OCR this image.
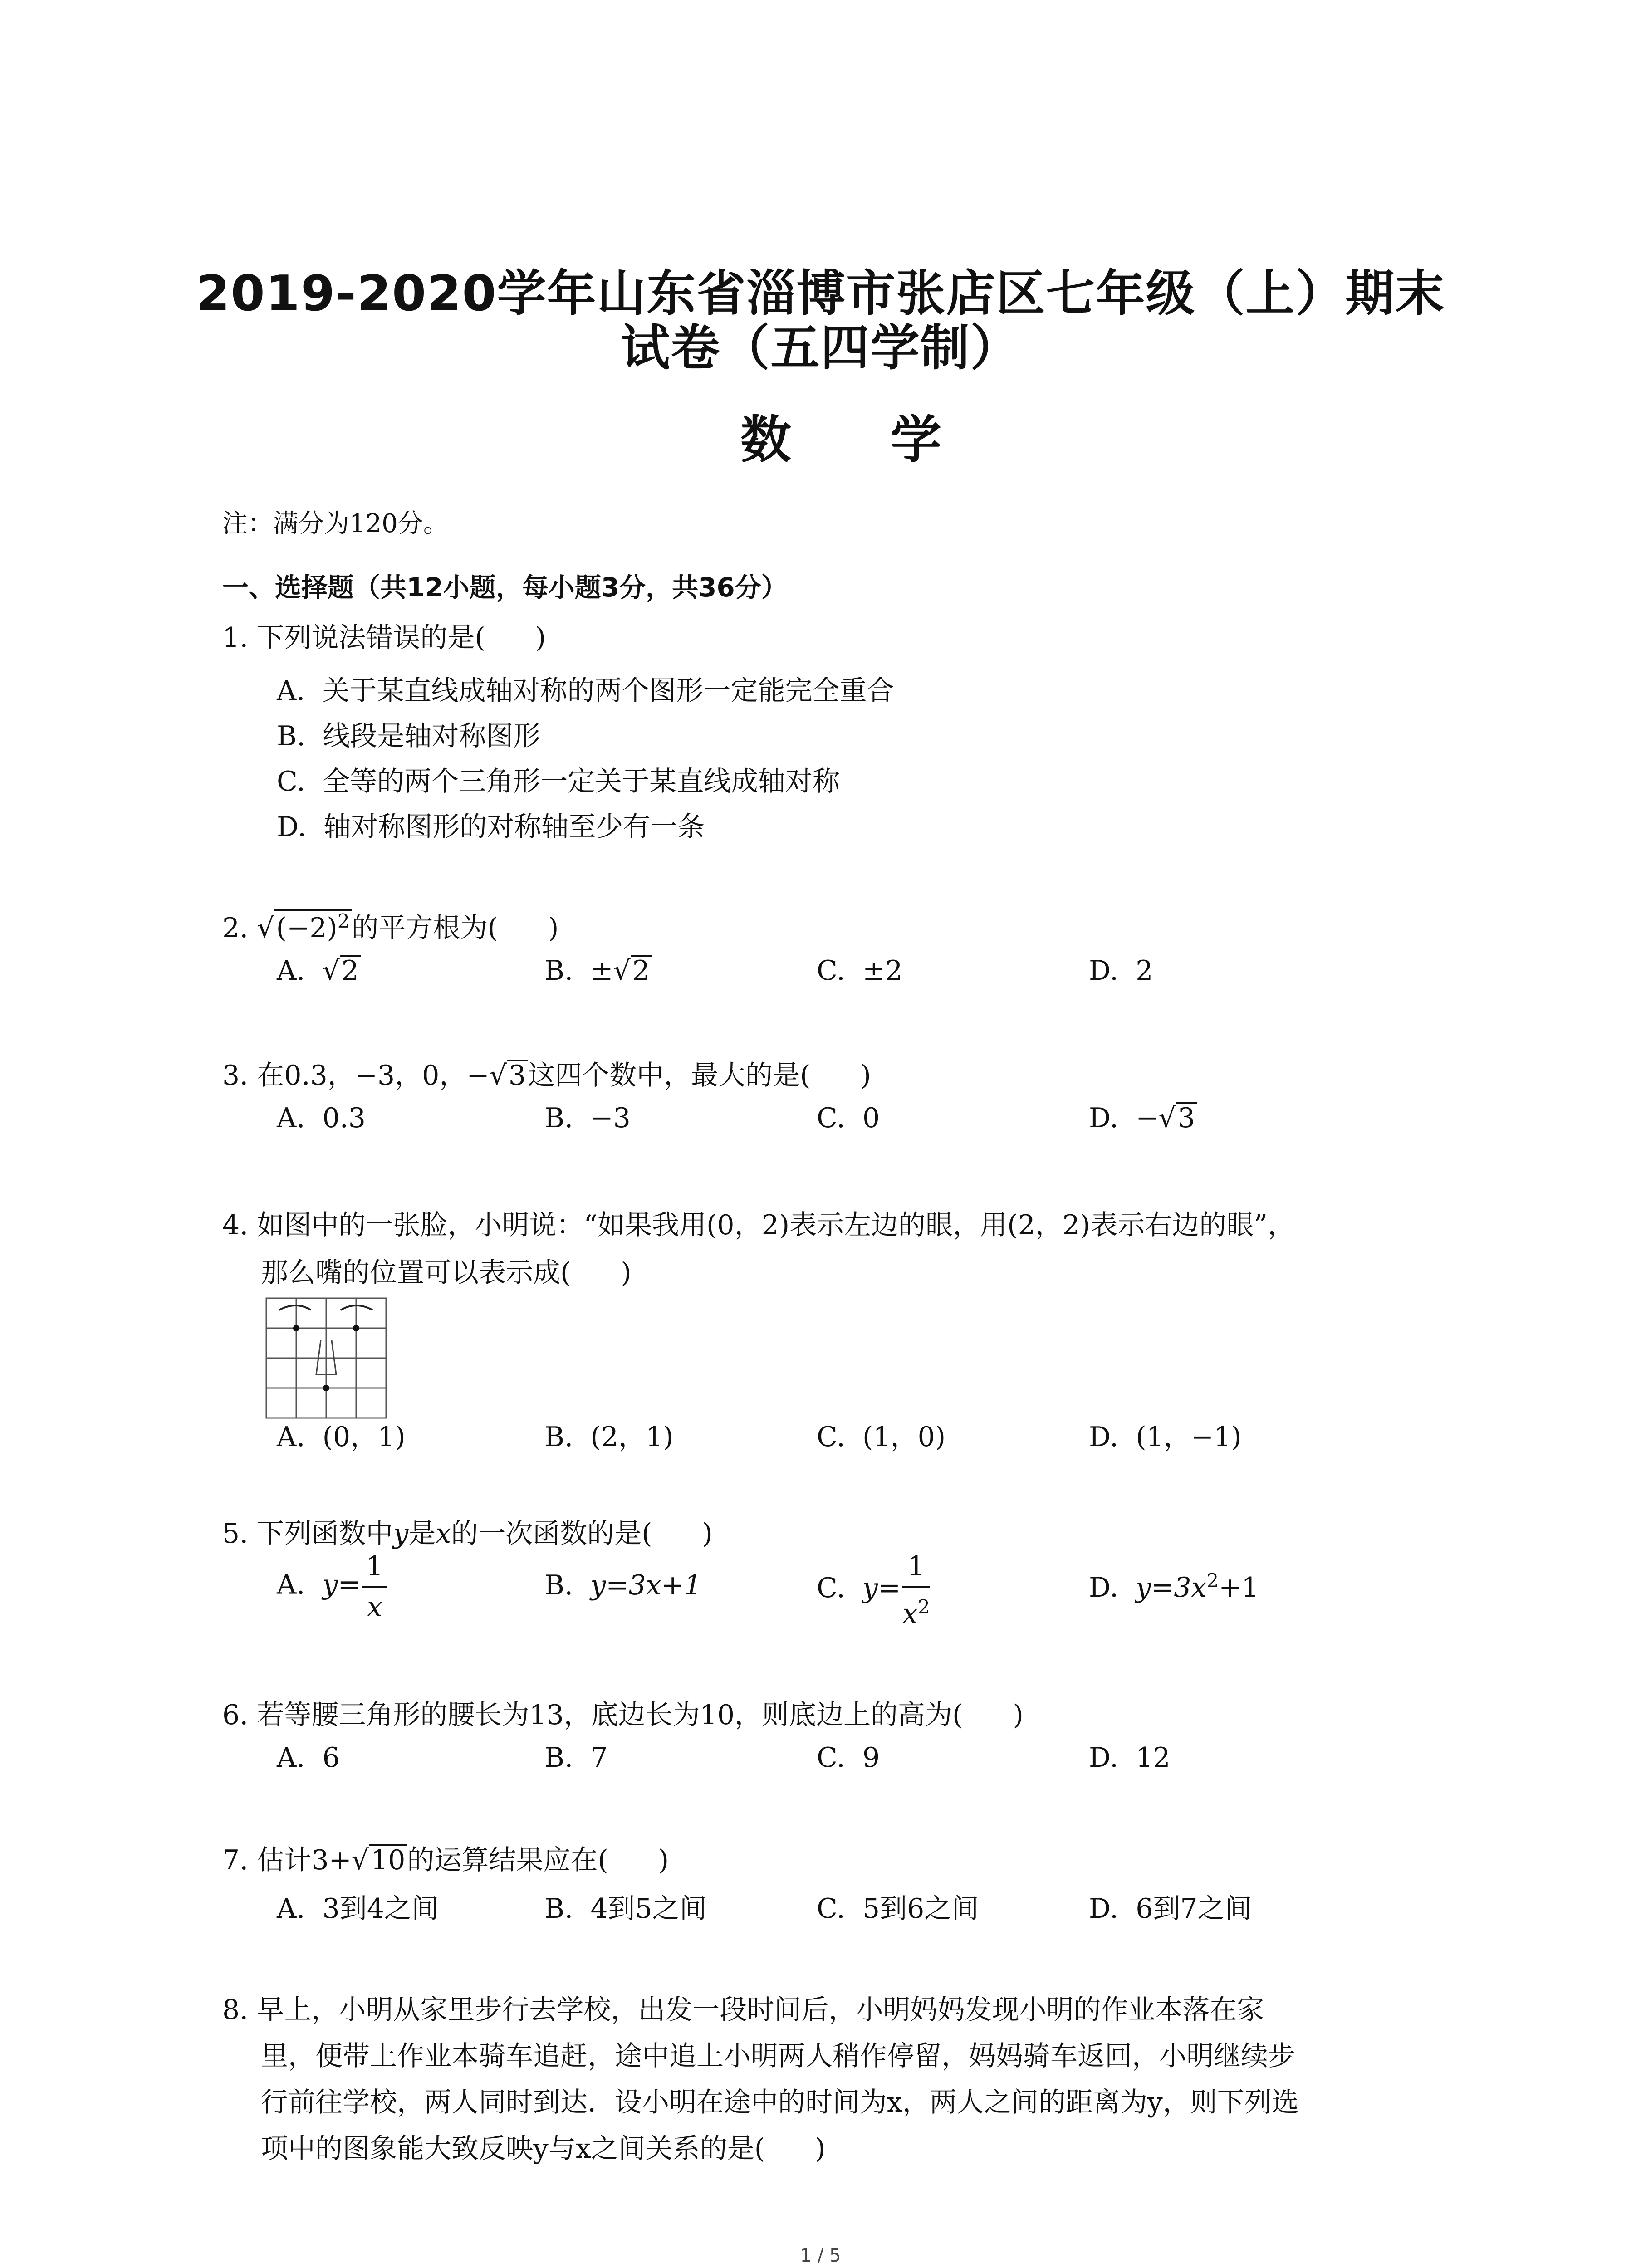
2019-2020学年山东省淄博市张店区七年级（上）期末
试卷（五四学制）
数 学
注：满分为120分。
一、选择题（共12小题，每小题3分，共36分）
1. 下列说法错误的是( )
A. 关于某直线成轴对称的两个图形一定能完全重合
B. 线段是轴对称图形
C. 全等的两个三角形一定关于某直线成轴对称
D. 轴对称图形的对称轴至少有一条
2. $√(-2)^2$的平方根为( )
A. √2	B. ±√2	C. ±2	D. 2
3. 在0.3，−3，0，−√3这四个数中，最大的是( )
A. 0.3	B. −3	C. 0	D. −√3
4. 如图中的一张脸，小明说：“如果我用(0，2)表示左边的眼，用(2，2)表示右边的眼”，
那么嘴的位置可以表示成( )
A. (0，1)	B. (2，1)	C. (1，0)	D. (1，−1)
5. 下列函数中y是x的一次函数的是( )
A. $y= \frac{1}{x}$	B. y=3x+1	C. $y= \frac{1}{x^2}$	D. $y=3x^2+1$
6. 若等腰三角形的腰长为13，底边长为10，则底边上的高为( )
A. 6	B. 7	C. 9	D. 12
7. 估计3+√10的运算结果应在( )
A. 3到4之间	B. 4到5之间	C. 5到6之间	D. 6到7之间
8. 早上，小明从家里步行去学校，出发一段时间后，小明妈妈发现小明的作业本落在家
里，便带上作业本骑车追赶，途中追上小明两人稍作停留，妈妈骑车返回，小明继续步
行前往学校，两人同时到达．设小明在途中的时间为x，两人之间的距离为y，则下列选
项中的图象能大致反映y与x之间关系的是( )
1 / 5
